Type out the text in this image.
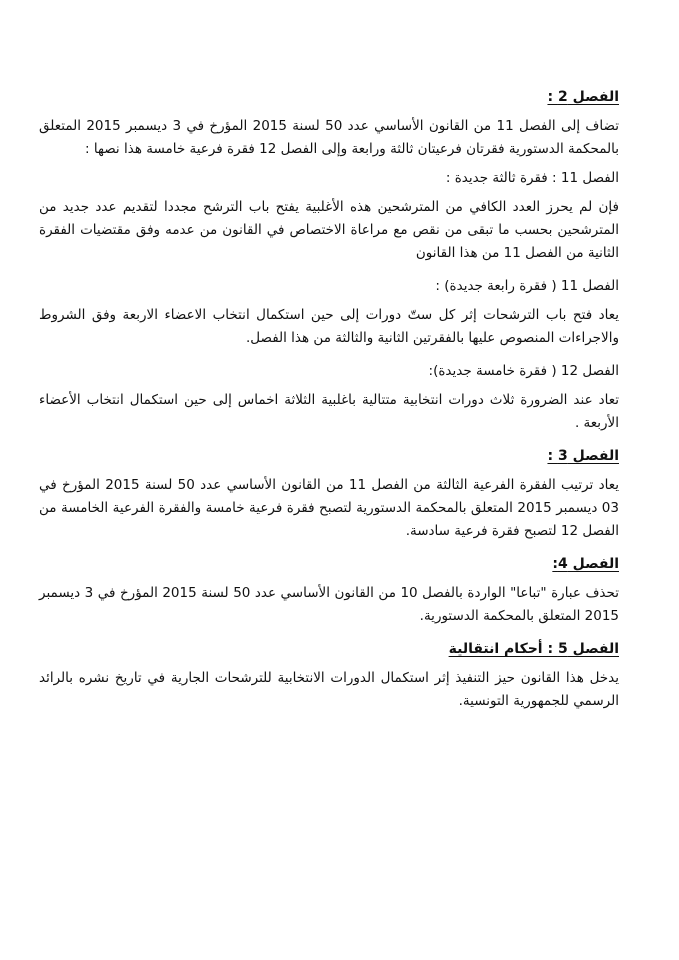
الفصل 2 :

تضاف إلى الفصل 11 من القانون الأساسي عدد 50 لسنة 2015 المؤرخ في 3 ديسمبر 2015 المتعلق بالمحكمة الدستورية فقرتان فرعيتان ثالثة ورابعة وإلى الفصل 12 فقرة فرعية خامسة هذا نصها :

الفصل 11 : فقرة ثالثة جديدة :

فإن لم يحرز العدد الكافي من المترشحين هذه الأغلبية يفتح باب الترشح مجددا لتقديم عدد جديد من المترشحين بحسب ما تبقى من نقص مع مراعاة الاختصاص في القانون من عدمه وفق مقتضيات الفقرة الثانية من الفصل 11 من هذا القانون

الفصل 11 ( فقرة رابعة جديدة) :

يعاد فتح باب الترشحات إثر كل ستّ دورات إلى حين استكمال انتخاب الاعضاء الاربعة وفق الشروط والاجراءات المنصوص عليها بالفقرتين الثانية والثالثة من هذا الفصل.

الفصل 12 ( فقرة خامسة جديدة):

تعاد عند الضرورة ثلاث دورات انتخابية متتالية باغلبية الثلاثة اخماس إلى حين استكمال انتخاب الأعضاء الأربعة .

الفصل 3 :

يعاد ترتيب الفقرة الفرعية الثالثة من الفصل 11 من القانون الأساسي عدد 50 لسنة 2015 المؤرخ في 03 ديسمبر 2015 المتعلق بالمحكمة الدستورية لتصبح فقرة فرعية خامسة والفقرة الفرعية الخامسة من الفصل 12 لتصبح فقرة فرعية سادسة.

الفصل 4:

تحذف عبارة "تباعا" الواردة بالفصل 10 من القانون الأساسي عدد 50 لسنة 2015 المؤرخ في 3 ديسمبر 2015 المتعلق بالمحكمة الدستورية.

الفصل 5 : أحكام انتقالية

يدخل هذا القانون حيز التنفيذ إثر استكمال الدورات الانتخابية للترشحات الجارية في تاريخ نشره بالرائد الرسمي للجمهورية التونسية.
